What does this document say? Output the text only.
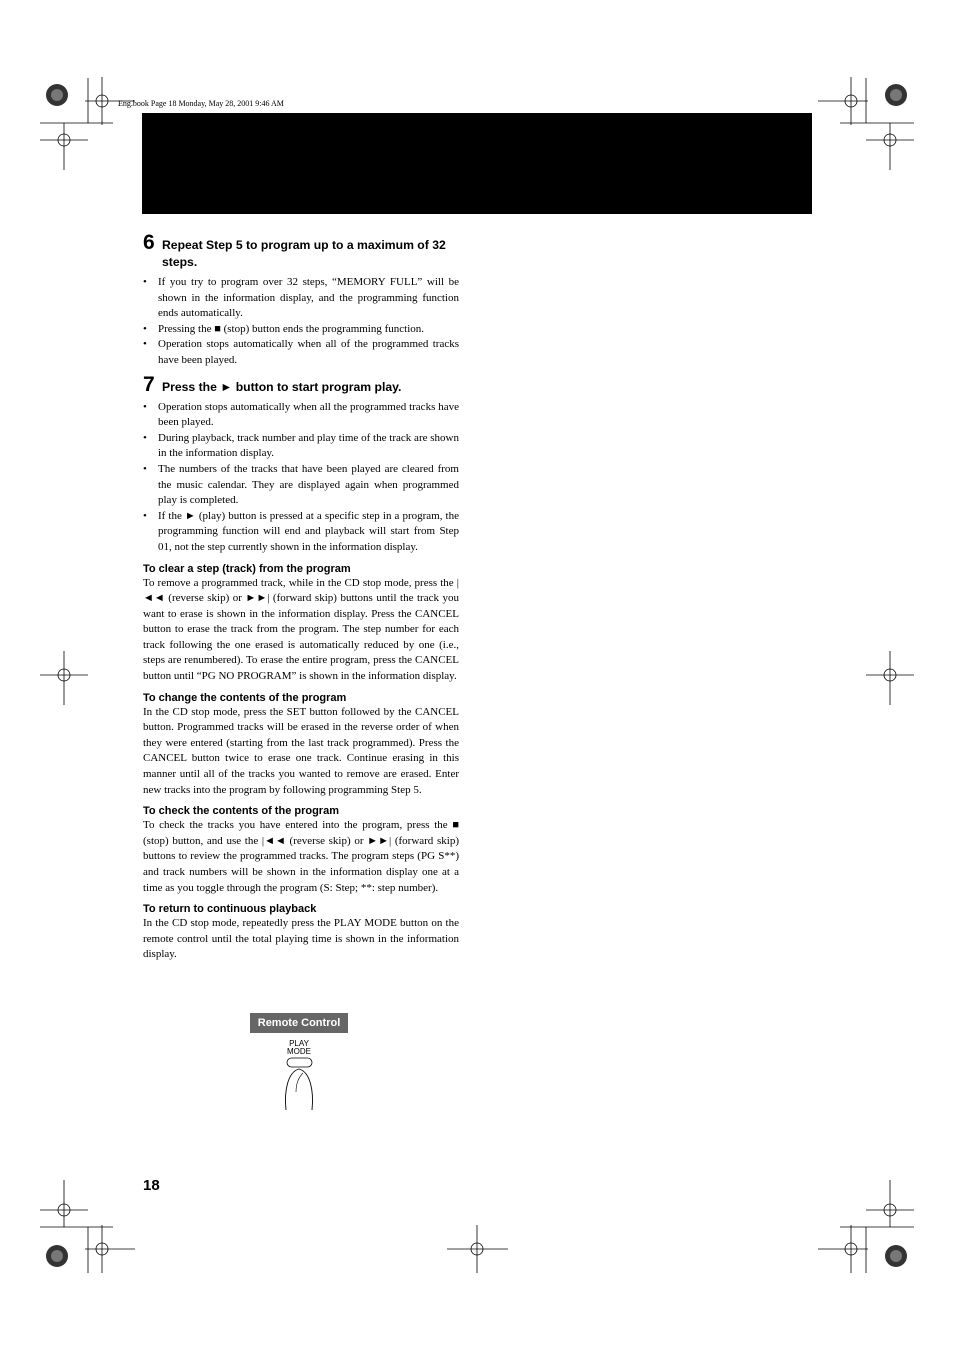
Eng.book Page 18 Monday, May 28, 2001 9:46 AM
6 Repeat Step 5 to program up to a maximum of 32 steps.
• If you try to program over 32 steps, “MEMORY FULL” will be shown in the information display, and the programming function ends automatically.
• Pressing the ■ (stop) button ends the programming function.
• Operation stops automatically when all of the programmed tracks have been played.
7 Press the ► button to start program play.
• Operation stops automatically when all the programmed tracks have been played.
• During playback, track number and play time of the track are shown in the information display.
• The numbers of the tracks that have been played are cleared from the music calendar. They are displayed again when programmed play is completed.
• If the ► (play) button is pressed at a specific step in a program, the programming function will end and playback will start from Step 01, not the step currently shown in the information display.
To clear a step (track) from the program

To remove a programmed track, while in the CD stop mode, press the |◄◄ (reverse skip) or ►►| (forward skip) buttons until the track you want to erase is shown in the information display. Press the CANCEL button to erase the track from the program. The step number for each track following the one erased is automatically reduced by one (i.e., steps are renumbered). To erase the entire program, press the CANCEL button until “PG NO PROGRAM” is shown in the information display.

To change the contents of the program

In the CD stop mode, press the SET button followed by the CANCEL button. Programmed tracks will be erased in the reverse order of when they were entered (starting from the last track programmed). Press the CANCEL button twice to erase one track. Continue erasing in this manner until all of the tracks you wanted to remove are erased. Enter new tracks into the program by following programming Step 5.

To check the contents of the program

To check the tracks you have entered into the program, press the ■ (stop) button, and use the |◄◄ (reverse skip) or ►►| (forward skip) buttons to review the programmed tracks. The program steps (PG S**) and track numbers will be shown in the information display one at a time as you toggle through the program (S: Step; **: step number).

To return to continuous playback

In the CD stop mode, repeatedly press the PLAY MODE button on the remote control until the total playing time is shown in the information display.

Remote Control
PLAY
MODE
18
